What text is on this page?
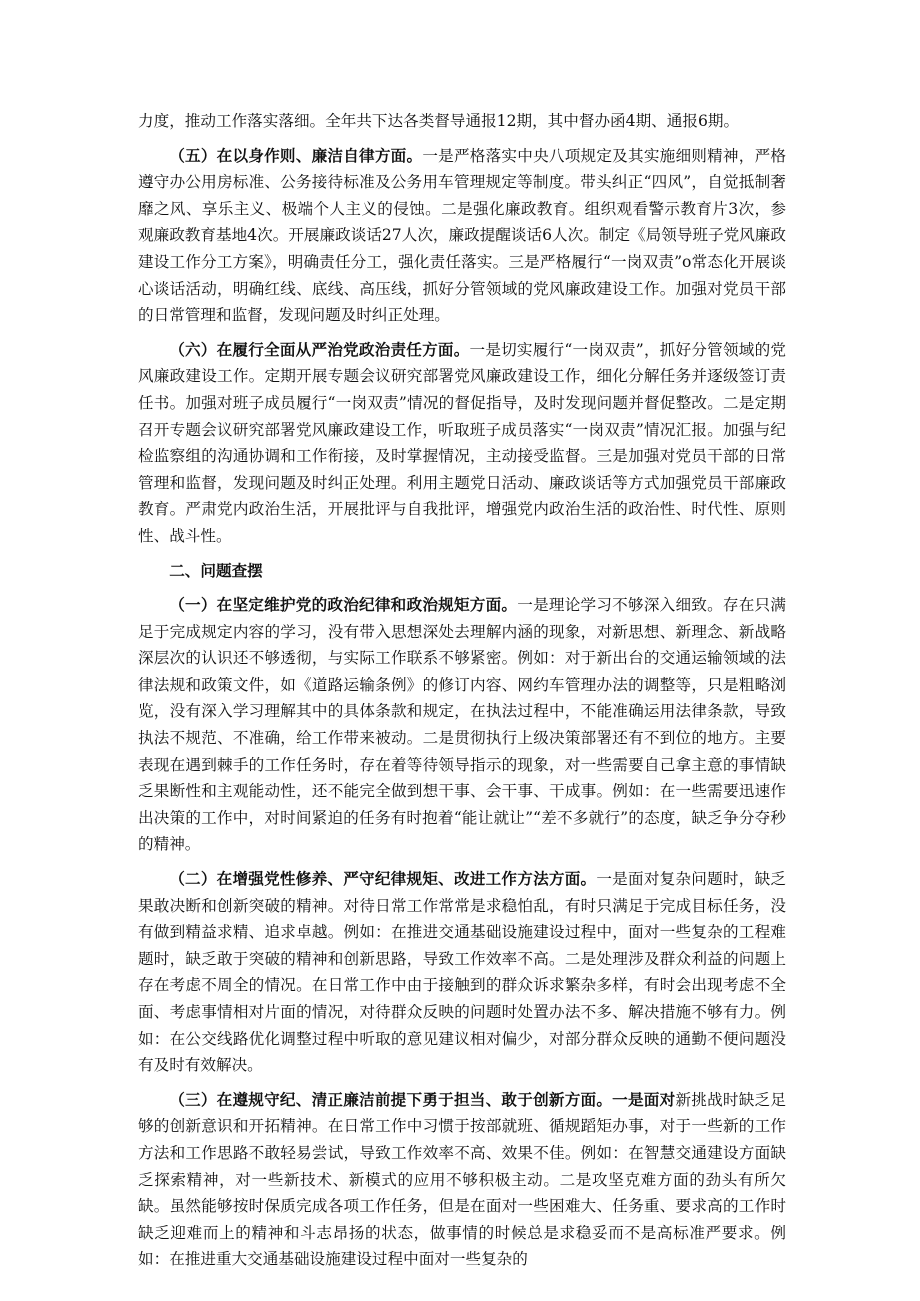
力度，推动工作落实落细。全年共下达各类督导通报12期，其中督办函4期、通报6期。

（五）在以身作则、廉洁自律方面。一是严格落实中央八项规定及其实施细则精神，严格遵守办公用房标准、公务接待标准及公务用车管理规定等制度。带头纠正“四风”，自觉抵制奢靡之风、享乐主义、极端个人主义的侵蚀。二是强化廉政教育。组织观看警示教育片3次，参观廉政教育基地4次。开展廉政谈话27人次，廉政提醒谈话6人次。制定《局领导班子党风廉政建设工作分工方案》，明确责任分工，强化责任落实。三是严格履行“一岗双责”o常态化开展谈心谈话活动，明确红线、底线、高压线，抓好分管领域的党风廉政建设工作。加强对党员干部的日常管理和监督，发现问题及时纠正处理。

（六）在履行全面从严治党政治责任方面。一是切实履行“一岗双责”，抓好分管领域的党风廉政建设工作。定期开展专题会议研究部署党风廉政建设工作，细化分解任务并逐级签订责任书。加强对班子成员履行“一岗双责”情况的督促指导，及时发现问题并督促整改。二是定期召开专题会议研究部署党风廉政建设工作，听取班子成员落实“一岗双责”情况汇报。加强与纪检监察组的沟通协调和工作衔接，及时掌握情况，主动接受监督。三是加强对党员干部的日常管理和监督，发现问题及时纠正处理。利用主题党日活动、廉政谈话等方式加强党员干部廉政教育。严肃党内政治生活，开展批评与自我批评，增强党内政治生活的政治性、时代性、原则性、战斗性。

二、问题查摆

（一）在坚定维护党的政治纪律和政治规矩方面。一是理论学习不够深入细致。存在只满足于完成规定内容的学习，没有带入思想深处去理解内涵的现象，对新思想、新理念、新战略深层次的认识还不够透彻，与实际工作联系不够紧密。例如：对于新出台的交通运输领域的法律法规和政策文件，如《道路运输条例》的修订内容、网约车管理办法的调整等，只是粗略浏览，没有深入学习理解其中的具体条款和规定，在执法过程中，不能准确运用法律条款，导致执法不规范、不准确，给工作带来被动。二是贯彻执行上级决策部署还有不到位的地方。主要表现在遇到棘手的工作任务时，存在着等待领导指示的现象，对一些需要自己拿主意的事情缺乏果断性和主观能动性，还不能完全做到想干事、会干事、干成事。例如：在一些需要迅速作出决策的工作中，对时间紧迫的任务有时抱着“能让就让”“差不多就行”的态度，缺乏争分夺秒的精神。

（二）在增强党性修养、严守纪律规矩、改进工作方法方面。一是面对复杂问题时，缺乏果敢决断和创新突破的精神。对待日常工作常常是求稳怕乱，有时只满足于完成目标任务，没有做到精益求精、追求卓越。例如：在推进交通基础设施建设过程中，面对一些复杂的工程难题时，缺乏敢于突破的精神和创新思路，导致工作效率不高。二是处理涉及群众利益的问题上存在考虑不周全的情况。在日常工作中由于接触到的群众诉求繁杂多样，有时会出现考虑不全面、考虑事情相对片面的情况，对待群众反映的问题时处置办法不多、解决措施不够有力。例如：在公交线路优化调整过程中听取的意见建议相对偏少，对部分群众反映的通勤不便问题没有及时有效解决。

（三）在遵规守纪、清正廉洁前提下勇于担当、敢于创新方面。一是面对新挑战时缺乏足够的创新意识和开拓精神。在日常工作中习惯于按部就班、循规蹈矩办事，对于一些新的工作方法和工作思路不敢轻易尝试，导致工作效率不高、效果不佳。例如：在智慧交通建设方面缺乏探索精神，对一些新技术、新模式的应用不够积极主动。二是攻坚克难方面的劲头有所欠缺。虽然能够按时保质完成各项工作任务，但是在面对一些困难大、任务重、要求高的工作时缺乏迎难而上的精神和斗志昂扬的状态，做事情的时候总是求稳妥而不是高标准严要求。例如：在推进重大交通基础设施建设过程中面对一些复杂的
